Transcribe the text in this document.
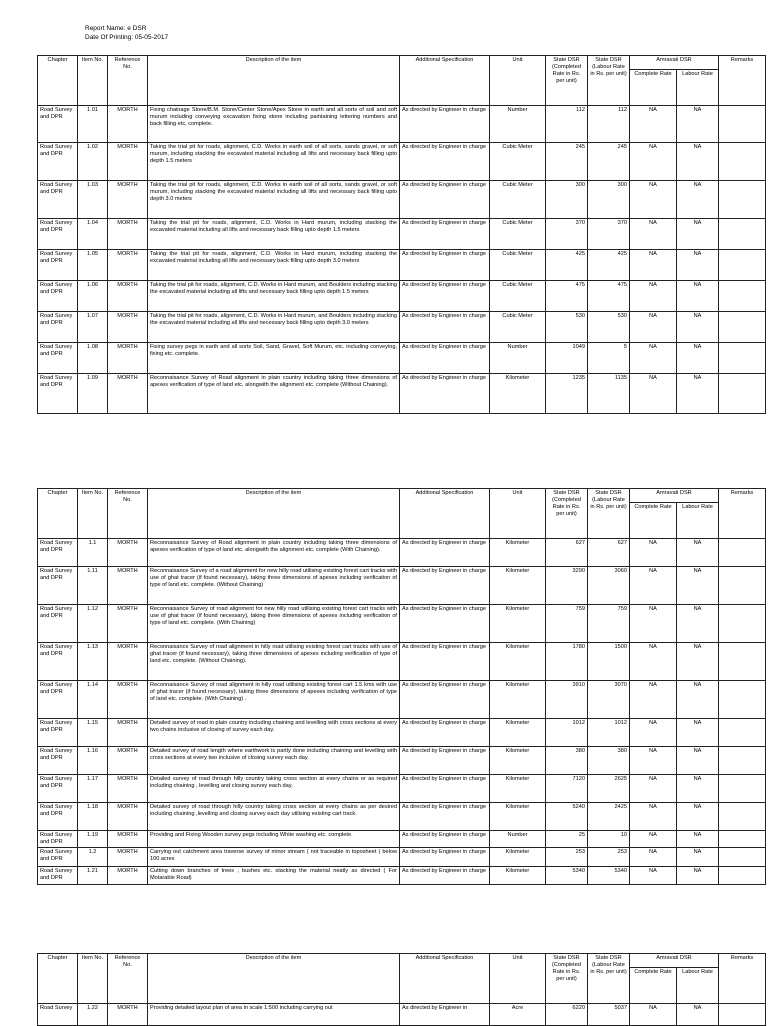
Report Name: e DSR
Date Of Printing: 05-05-2017
Chapter	Item No.	Reference No.	Description of the item	Additional Specification	Unit	State DSR (Completed Rate in Rs. per unit)	State DSR (Labour Rate in Rs. per unit)	Amravati DSR		Remarks
								Complete Rate	Labour Rate	
Road Survey and DPR	1.01	MORTH	Fixing chainage Stone/B.M. Stone/Center Stone/Apex Stone in earth and all sorts of soil and soft murum including conveying excavation fixing stone including paintaining lettering numbers and back filling etc. complete.	As directed by Engineer in charge	Number	112	112	NA	NA	
Road Survey and DPR	1.02	MORTH	Taking the trial pit for roads, alignment, C.D. Works in earth soil of all sorts, sands gravel, or soft murum, including stacking the excavated material including all lifts and necessary back filling upto depth 1.5 meters	As directed by Engineer in charge	Cubic Meter	245	245	NA	NA	
Road Survey and DPR	1.03	MORTH	Taking the trial pit for roads, alignment, C.D. Works in earth soil of all sorts, sands gravel, or soft murum, including stacking the excavated material including all lifts and necessary back filling upto depth 3.0 meters	As directed by Engineer in charge	Cubic Meter	300	300	NA	NA	
Road Survey and DPR	1.04	MORTH	Taking the trial pit for roads, alignment, C.D. Works in Hard murum, including stacking the excavated material including all lifts and necessary back filling upto depth 1.5 meters	As directed by Engineer in charge	Cubic Meter	370	370	NA	NA	
Road Survey and DPR	1.05	MORTH	Taking the trial pit for roads, alignment, C.D. Works in Hard murum, including stacking the excavated material including all lifts and necessary back filling upto depth 3.0 meters	As directed by Engineer in charge	Cubic Meter	425	425	NA	NA	
Road Survey and DPR	1.06	MORTH	Taking the trial pit for roads, alignment, C.D. Works in Hard murum, and Boulders including stacking the excavated material including all lifts and necessary back filling upto depth 1.5 meters	As directed by Engineer in charge	Cubic Meter	475	475	NA	NA	
Road Survey and DPR	1.07	MORTH	Taking the trial pit for roads, alignment, C.D. Works in Hard murum, and Boulders including stacking the excavated material including all lifts and necessary back filling upto depth 3.0 meters	As directed by Engineer in charge	Cubic Meter	530	530	NA	NA	
Road Survey and DPR	1.08	MORTH	Fixing survey pegs in earth and all sorts Soil, Sand, Gravel, Soft Murum, etc. including conveying, fixing etc. complete.	As directed by Engineer in charge	Number	1049	5	NA	NA	
Road Survey and DPR	1.09	MORTH	Reconnaisance Survey of Road alignment in plain country including taking three dimensions of apexes verification of type of land etc. alongwith the alignment etc. complete (Without Chaining).	As directed by Engineer in charge	Kilometer	1235	1135	NA	NA	
Chapter	Item No.	Reference No.	Description of the item	Additional Specification	Unit	State DSR (Completed Rate in Rs. per unit)	State DSR (Labour Rate in Rs. per unit)	Amravati DSR		Remarks
								Complete Rate	Labour Rate	
Road Survey and DPR	1.1	MORTH	Reconnaisance Survey of Road alignment in plain country including taking three dimensions of apexes verification of type of land etc. alongwith the alignment etc. complete (With Chaining).	As directed by Engineer in charge	Kilometer	627	627	NA	NA	
Road Survey and DPR	1.11	MORTH	Reconnaisance Survey of a road alignment for new hilly road utilising existing forest cart tracks with use of ghat tracer (if found necessary), taking three dimensions of apexes including verification of type of land etc. complete. (Without Chaining)	As directed by Engineer in charge	Kilometer	3290	3060	NA	NA	
Road Survey and DPR	1.12	MORTH	Reconnaisance Survey of road alignment for new hilly road utilising existing forest cart tracks with use of ghat tracer (if found necessary), taking three dimensions of apexes including verification of type of land etc. complete. (With Chaining)	As directed by Engineer in charge	Kilometer	759	759	NA	NA	
Road Survey and DPR	1.13	MORTH	Reconnaisance Survey of road alignment in hilly road utilising existing forest cart tracks with use of ghat tracer (if found necessary), taking three dimensions of apexes including verification of type of land etc. complete. (Without Chaining).	As directed by Engineer in charge	Kilometer	1780	1500	NA	NA	
Road Survey and DPR	1.14	MORTH	Reconnaisance Survey of road alignment in hilly road utilising existing forest cart 1.5 kms with use of ghat tracer (if found necessary), taking three dimensions of apexes including verification of type of land etc. complete. (With Chaining) .	As directed by Engineer in charge	Kilometer	3910	3070	NA	NA	
Road Survey and DPR	1.15	MORTH	Detailed survey of road in plain country including chaining and levelling with cross sections at every two chains inclusive of closing of survey each day.	As directed by Engineer in charge	Kilometer	1012	1012	NA	NA	
Road Survey and DPR	1.16	MORTH	Detailed survey of road length where earthwork is partly done including chaining and levelling with cross sections at every two inclusive of closing survey each day.	As directed by Engineer in charge	Kilometer	380	380	NA	NA	
Road Survey and DPR	1.17	MORTH	Detailed survey of road through hilly country taking cross section at every chains or as required including chaining , levelling and closing survey each day.	As directed by Engineer in charge	Kilometer	7120	2625	NA	NA	
Road Survey and DPR	1.18	MORTH	Detailed survey of road through hilly country taking cross section at every chains as per desired including chaining ,levelling and closing survey each day utilising existing cart track.	As directed by Engineer in charge	Kilometer	5240	2425	NA	NA	
Road Survey and DPR	1.19	MORTH	Providing and Fixing Wooden survey pegs including White washing etc. complete.	As directed by Engineer in charge	Number	25	10	NA	NA	
Road Survey and DPR	1.2	MORTH	Carrying out catchment area traverse survey of minor stream ( not traceable in toposheet ) below 100 acres	As directed by Engineer in charge	Kilometer	253	253	NA	NA	
Road Survey and DPR	1.21	MORTH	Cutting down branches of trees , bushes etc. stacking the material neatly as directed ( For Motarable Road)	As directed by Engineer in charge	Kilometer	5340	5340	NA	NA	
Chapter	Item No.	Reference No.	Description of the item	Additional Specification	Unit	State DSR (Completed Rate in Rs. per unit)	State DSR (Labour Rate in Rs. per unit)	Amravati DSR		Remarks
								Complete Rate	Labour Rate	
Road Survey	1.22	MORTH	Providing detailed layout plan of area in scale 1:500 including carrying out	As directed by Engineer in	Acre	6220	5037	NA	NA	
